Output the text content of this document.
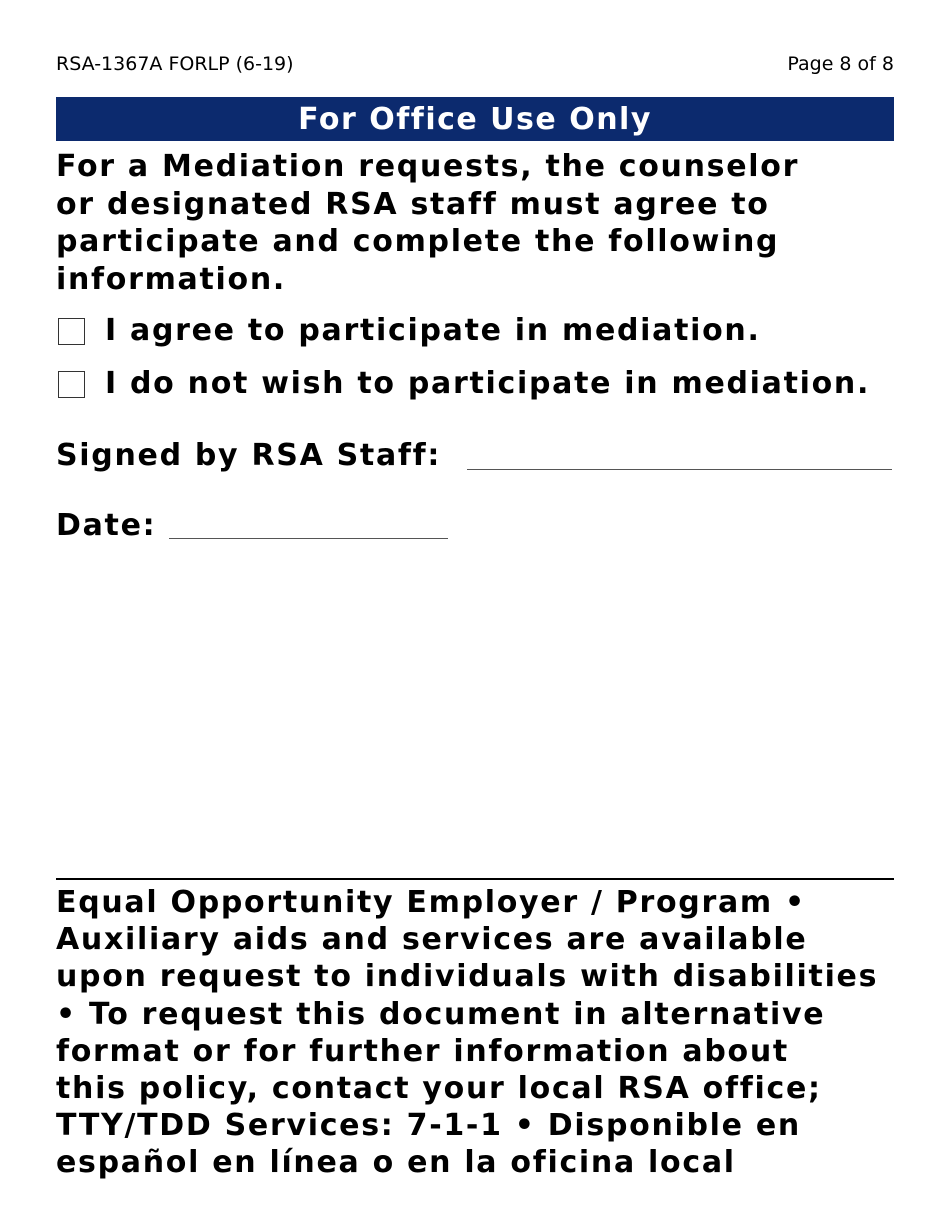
RSA-1367A FORLP (6-19)	Page 8 of 8
For Office Use Only
For a Mediation requests, the counselor
or designated RSA staff must agree to
participate and complete the following
information.
I agree to participate in mediation.
I do not wish to participate in mediation.
Signed by RSA Staff:
Date:
Equal Opportunity Employer / Program •
Auxiliary aids and services are available
upon request to individuals with disabilities
• To request this document in alternative
format or for further information about
this policy, contact your local RSA office;
TTY/TDD Services: 7-1-1 • Disponible en
español en línea o en la oficina local
